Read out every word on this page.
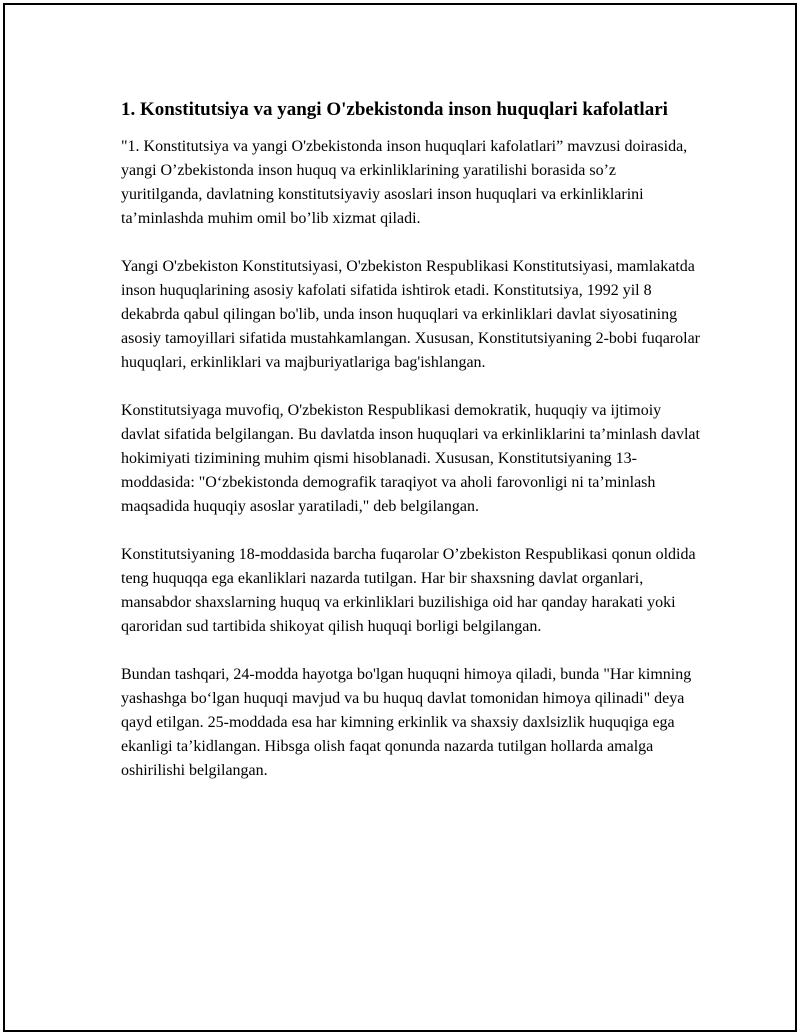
1. Konstitutsiya va yangi O'zbekistonda inson huquqlari kafolatlari

"1. Konstitutsiya va yangi O'zbekistonda inson huquqlari kafolatlari” mavzusi doirasida, yangi O’zbekistonda inson huquq va erkinliklarining yaratilishi borasida so’z yuritilganda, davlatning konstitutsiyaviy asoslari inson huquqlari va erkinliklarini ta’minlashda muhim omil bo’lib xizmat qiladi.

Yangi O'zbekiston Konstitutsiyasi, O'zbekiston Respublikasi Konstitutsiyasi, mamlakatda inson huquqlarining asosiy kafolati sifatida ishtirok etadi. Konstitutsiya, 1992 yil 8 dekabrda qabul qilingan bo'lib, unda inson huquqlari va erkinliklari davlat siyosatining asosiy tamoyillari sifatida mustahkamlangan. Xususan, Konstitutsiyaning 2-bobi fuqarolar huquqlari, erkinliklari va majburiyatlariga bag'ishlangan.

Konstitutsiyaga muvofiq, O'zbekiston Respublikasi demokratik, huquqiy va ijtimoiy davlat sifatida belgilangan. Bu davlatda inson huquqlari va erkinliklarini ta’minlash davlat hokimiyati tizimining muhim qismi hisoblanadi. Xususan, Konstitutsiyaning 13-moddasida: "O‘zbekistonda demografik taraqiyot va aholi farovonligi ni ta’minlash maqsadida huquqiy asoslar yaratiladi," deb belgilangan.

Konstitutsiyaning 18-moddasida barcha fuqarolar O’zbekiston Respublikasi qonun oldida teng huquqqa ega ekanliklari nazarda tutilgan. Har bir shaxsning davlat organlari, mansabdor shaxslarning huquq va erkinliklari buzilishiga oid har qanday harakati yoki qaroridan sud tartibida shikoyat qilish huquqi borligi belgilangan.

Bundan tashqari, 24-modda hayotga bo'lgan huquqni himoya qiladi, bunda "Har kimning yashashga bo‘lgan huquqi mavjud va bu huquq davlat tomonidan himoya qilinadi" deya qayd etilgan. 25-moddada esa har kimning erkinlik va shaxsiy daxlsizlik huquqiga ega ekanligi ta’kidlangan. Hibsga olish faqat qonunda nazarda tutilgan hollarda amalga oshirilishi belgilangan.
